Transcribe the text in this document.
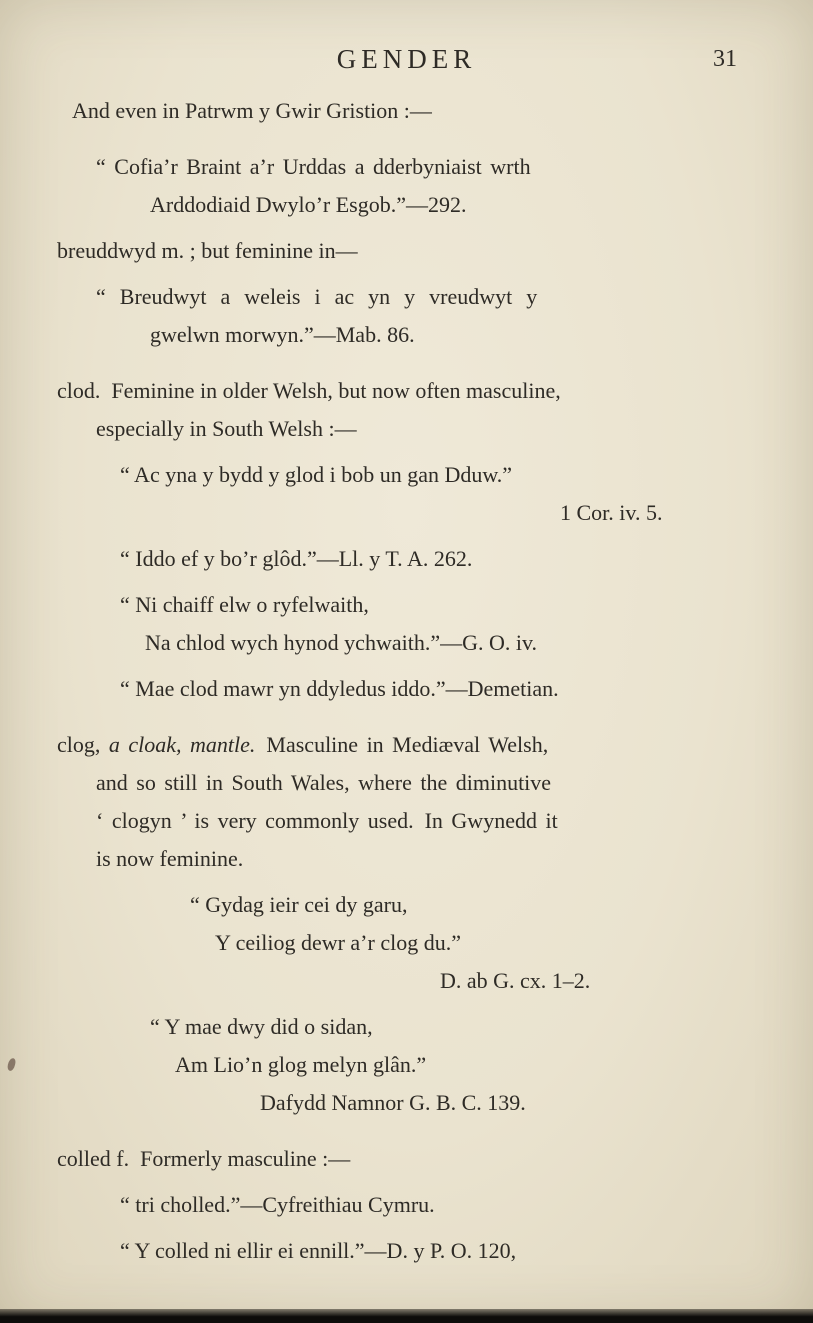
GENDER	31
And even in Patrwm y Gwir Gristion :—
“ Cofia’r Braint a’r Urddas a dderbyniaist wrth
Arddodiaid Dwylo’r Esgob.”—292.
breuddwyd m. ; but feminine in—
“ Breudwyt a weleis i ac yn y vreudwyt y
gwelwn morwyn.”—Mab. 86.
clod. Feminine in older Welsh, but now often masculine,
especially in South Welsh :—
“ Ac yna y bydd y glod i bob un gan Dduw.”
1 Cor. iv. 5.
“ Iddo ef y bo’r glôd.”—Ll. y T. A. 262.
“ Ni chaiff elw o ryfelwaith,
Na chlod wych hynod ychwaith.”—G. O. iv.
“ Mae clod mawr yn ddyledus iddo.”—Demetian.
clog, a cloak, mantle. Masculine in Mediæval Welsh,
and so still in South Wales, where the diminutive
‘ clogyn ’ is very commonly used. In Gwynedd it
is now feminine.
“ Gydag ieir cei dy garu,
Y ceiliog dewr a’r clog du.”
D. ab G. cx. 1–2.
“ Y mae dwy did o sidan,
Am Lio’n glog melyn glân.”
Dafydd Namnor G. B. C. 139.
colled f. Formerly masculine :—
“ tri cholled.”—Cyfreithiau Cymru.
“ Y colled ni ellir ei ennill.”—D. y P. O. 120,
